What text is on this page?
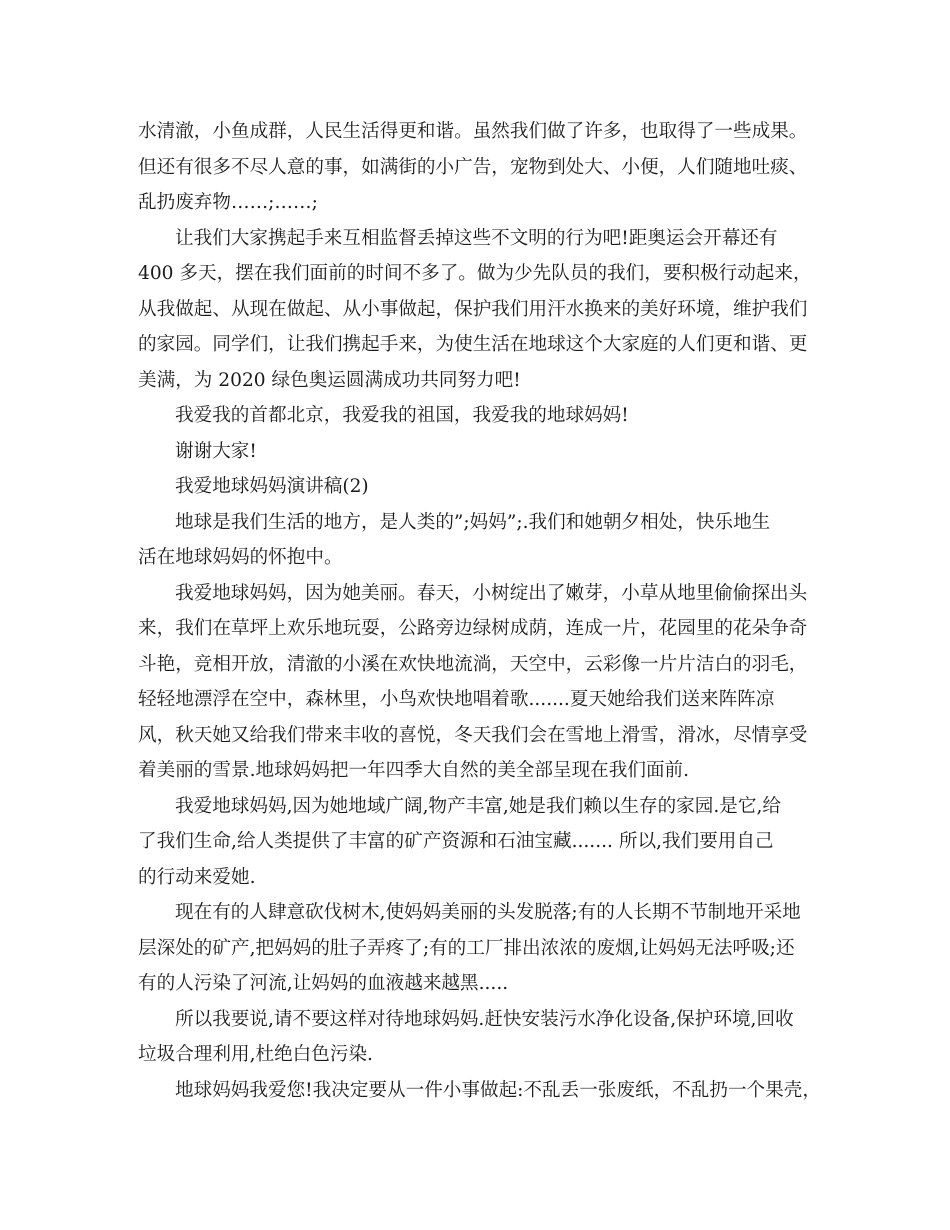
水清澈，小鱼成群，人民生活得更和谐。虽然我们做了许多，也取得了一些成果。
但还有很多不尽人意的事，如满街的小广告，宠物到处大、小便，人们随地吐痰、
乱扔废弃物……;……;

让我们大家携起手来互相监督丢掉这些不文明的行为吧!距奥运会开幕还有
400 多天，摆在我们面前的时间不多了。做为少先队员的我们，要积极行动起来，
从我做起、从现在做起、从小事做起，保护我们用汗水换来的美好环境，维护我们
的家园。同学们，让我们携起手来，为使生活在地球这个大家庭的人们更和谐、更
美满，为 2020 绿色奥运圆满成功共同努力吧!

我爱我的首都北京，我爱我的祖国，我爱我的地球妈妈!

谢谢大家!

我爱地球妈妈演讲稿(2)

地球是我们生活的地方，是人类的”;妈妈”;.我们和她朝夕相处，快乐地生
活在地球妈妈的怀抱中。

我爱地球妈妈，因为她美丽。春天，小树绽出了嫩芽，小草从地里偷偷探出头
来，我们在草坪上欢乐地玩耍，公路旁边绿树成荫，连成一片，花园里的花朵争奇
斗艳，竞相开放，清澈的小溪在欢快地流淌，天空中，云彩像一片片洁白的羽毛，
轻轻地漂浮在空中，森林里，小鸟欢快地唱着歌.......夏天她给我们送来阵阵凉
风，秋天她又给我们带来丰收的喜悦，冬天我们会在雪地上滑雪，滑冰，尽情享受
着美丽的雪景.地球妈妈把一年四季大自然的美全部呈现在我们面前.

我爱地球妈妈,因为她地域广阔,物产丰富,她是我们赖以生存的家园.是它,给
了我们生命,给人类提供了丰富的矿产资源和石油宝藏....... 所以,我们要用自己
的行动来爱她.

现在有的人肆意砍伐树木,使妈妈美丽的头发脱落;有的人长期不节制地开采地
层深处的矿产,把妈妈的肚子弄疼了;有的工厂排出浓浓的废烟,让妈妈无法呼吸;还
有的人污染了河流,让妈妈的血液越来越黑.....

所以我要说,请不要这样对待地球妈妈.赶快安装污水净化设备,保护环境,回收
垃圾合理利用,杜绝白色污染.

地球妈妈我爱您!我决定要从一件小事做起:不乱丢一张废纸，不乱扔一个果壳，
